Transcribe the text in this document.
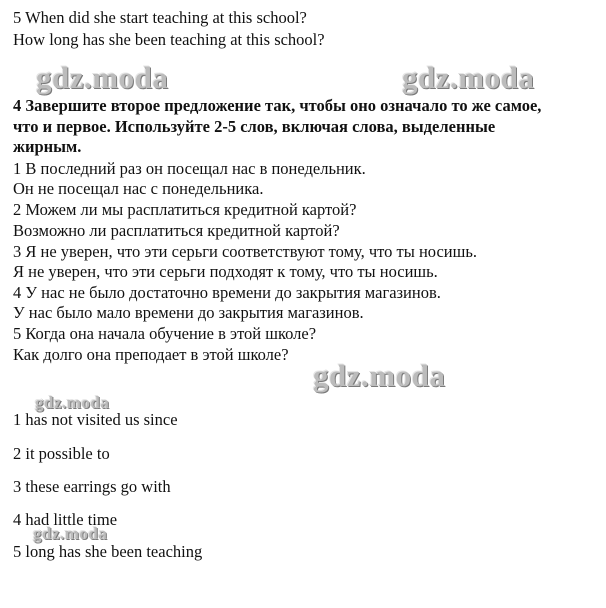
gdz.moda	gdz.moda
gdz.moda
gdz.moda
gdz.moda

5 When did she start teaching at this school?

How long has she been teaching at this school?

4 Завершите второе предложение так, чтобы оно означало то же самое,

что и первое. Используйте 2-5 слов, включая слова, выделенные

жирным.

1 В последний раз он посещал нас в понедельник.

Он не посещал нас с понедельника.

2 Можем ли мы расплатиться кредитной картой?

Возможно ли расплатиться кредитной картой?

3 Я не уверен, что эти серьги соответствуют тому, что ты носишь.

Я не уверен, что эти серьги подходят к тому, что ты носишь.

4 У нас не было достаточно времени до закрытия магазинов.

У нас было мало времени до закрытия магазинов.

5 Когда она начала обучение в этой школе?

Как долго она преподает в этой школе?

1 has not visited us since

2 it possible to

3 these earrings go with

4 had little time

5 long has she been teaching
